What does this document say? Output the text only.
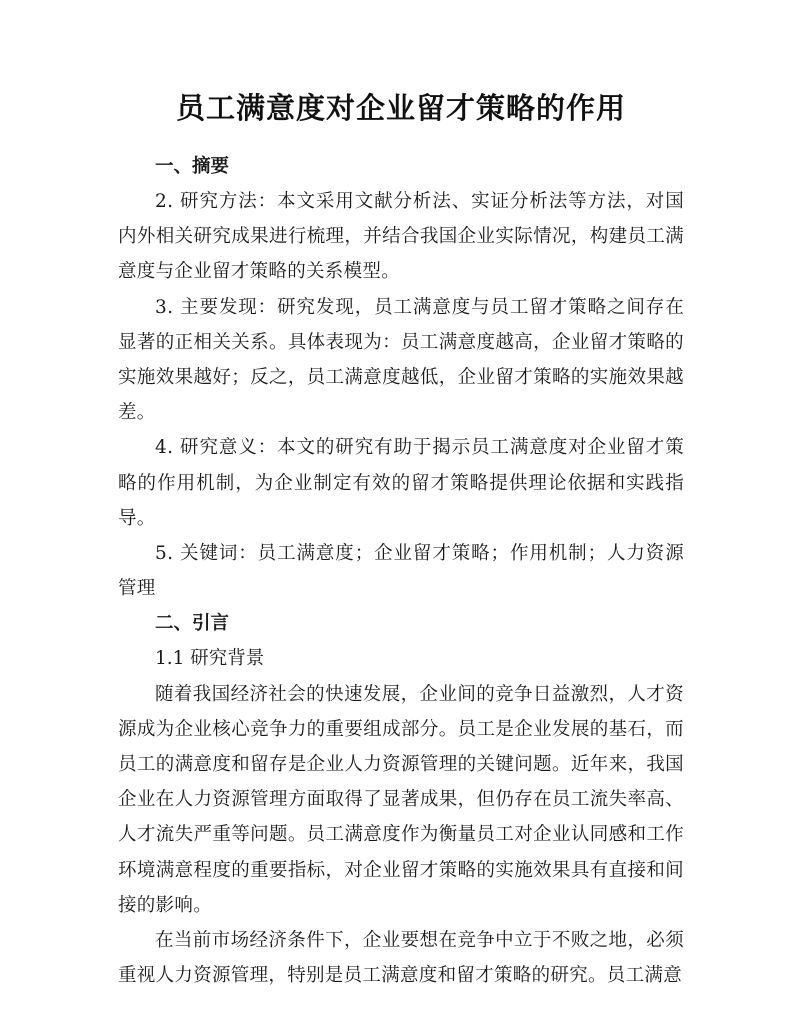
员工满意度对企业留才策略的作用
一、摘要

2. 研究方法：本文采用文献分析法、实证分析法等方法，对国内外相关研究成果进行梳理，并结合我国企业实际情况，构建员工满意度与企业留才策略的关系模型。

3. 主要发现：研究发现，员工满意度与员工留才策略之间存在显著的正相关关系。具体表现为：员工满意度越高，企业留才策略的实施效果越好；反之，员工满意度越低，企业留才策略的实施效果越差。

4. 研究意义：本文的研究有助于揭示员工满意度对企业留才策略的作用机制，为企业制定有效的留才策略提供理论依据和实践指导。

5. 关键词：员工满意度；企业留才策略；作用机制；人力资源管理

二、引言
1.1 研究背景

随着我国经济社会的快速发展，企业间的竞争日益激烈，人才资源成为企业核心竞争力的重要组成部分。员工是企业发展的基石，而员工的满意度和留存是企业人力资源管理的关键问题。近年来，我国企业在人力资源管理方面取得了显著成果，但仍存在员工流失率高、人才流失严重等问题。员工满意度作为衡量员工对企业认同感和工作环境满意程度的重要指标，对企业留才策略的实施效果具有直接和间接的影响。

在当前市场经济条件下，企业要想在竞争中立于不败之地，必须重视人力资源管理，特别是员工满意度和留才策略的研究。员工满意
